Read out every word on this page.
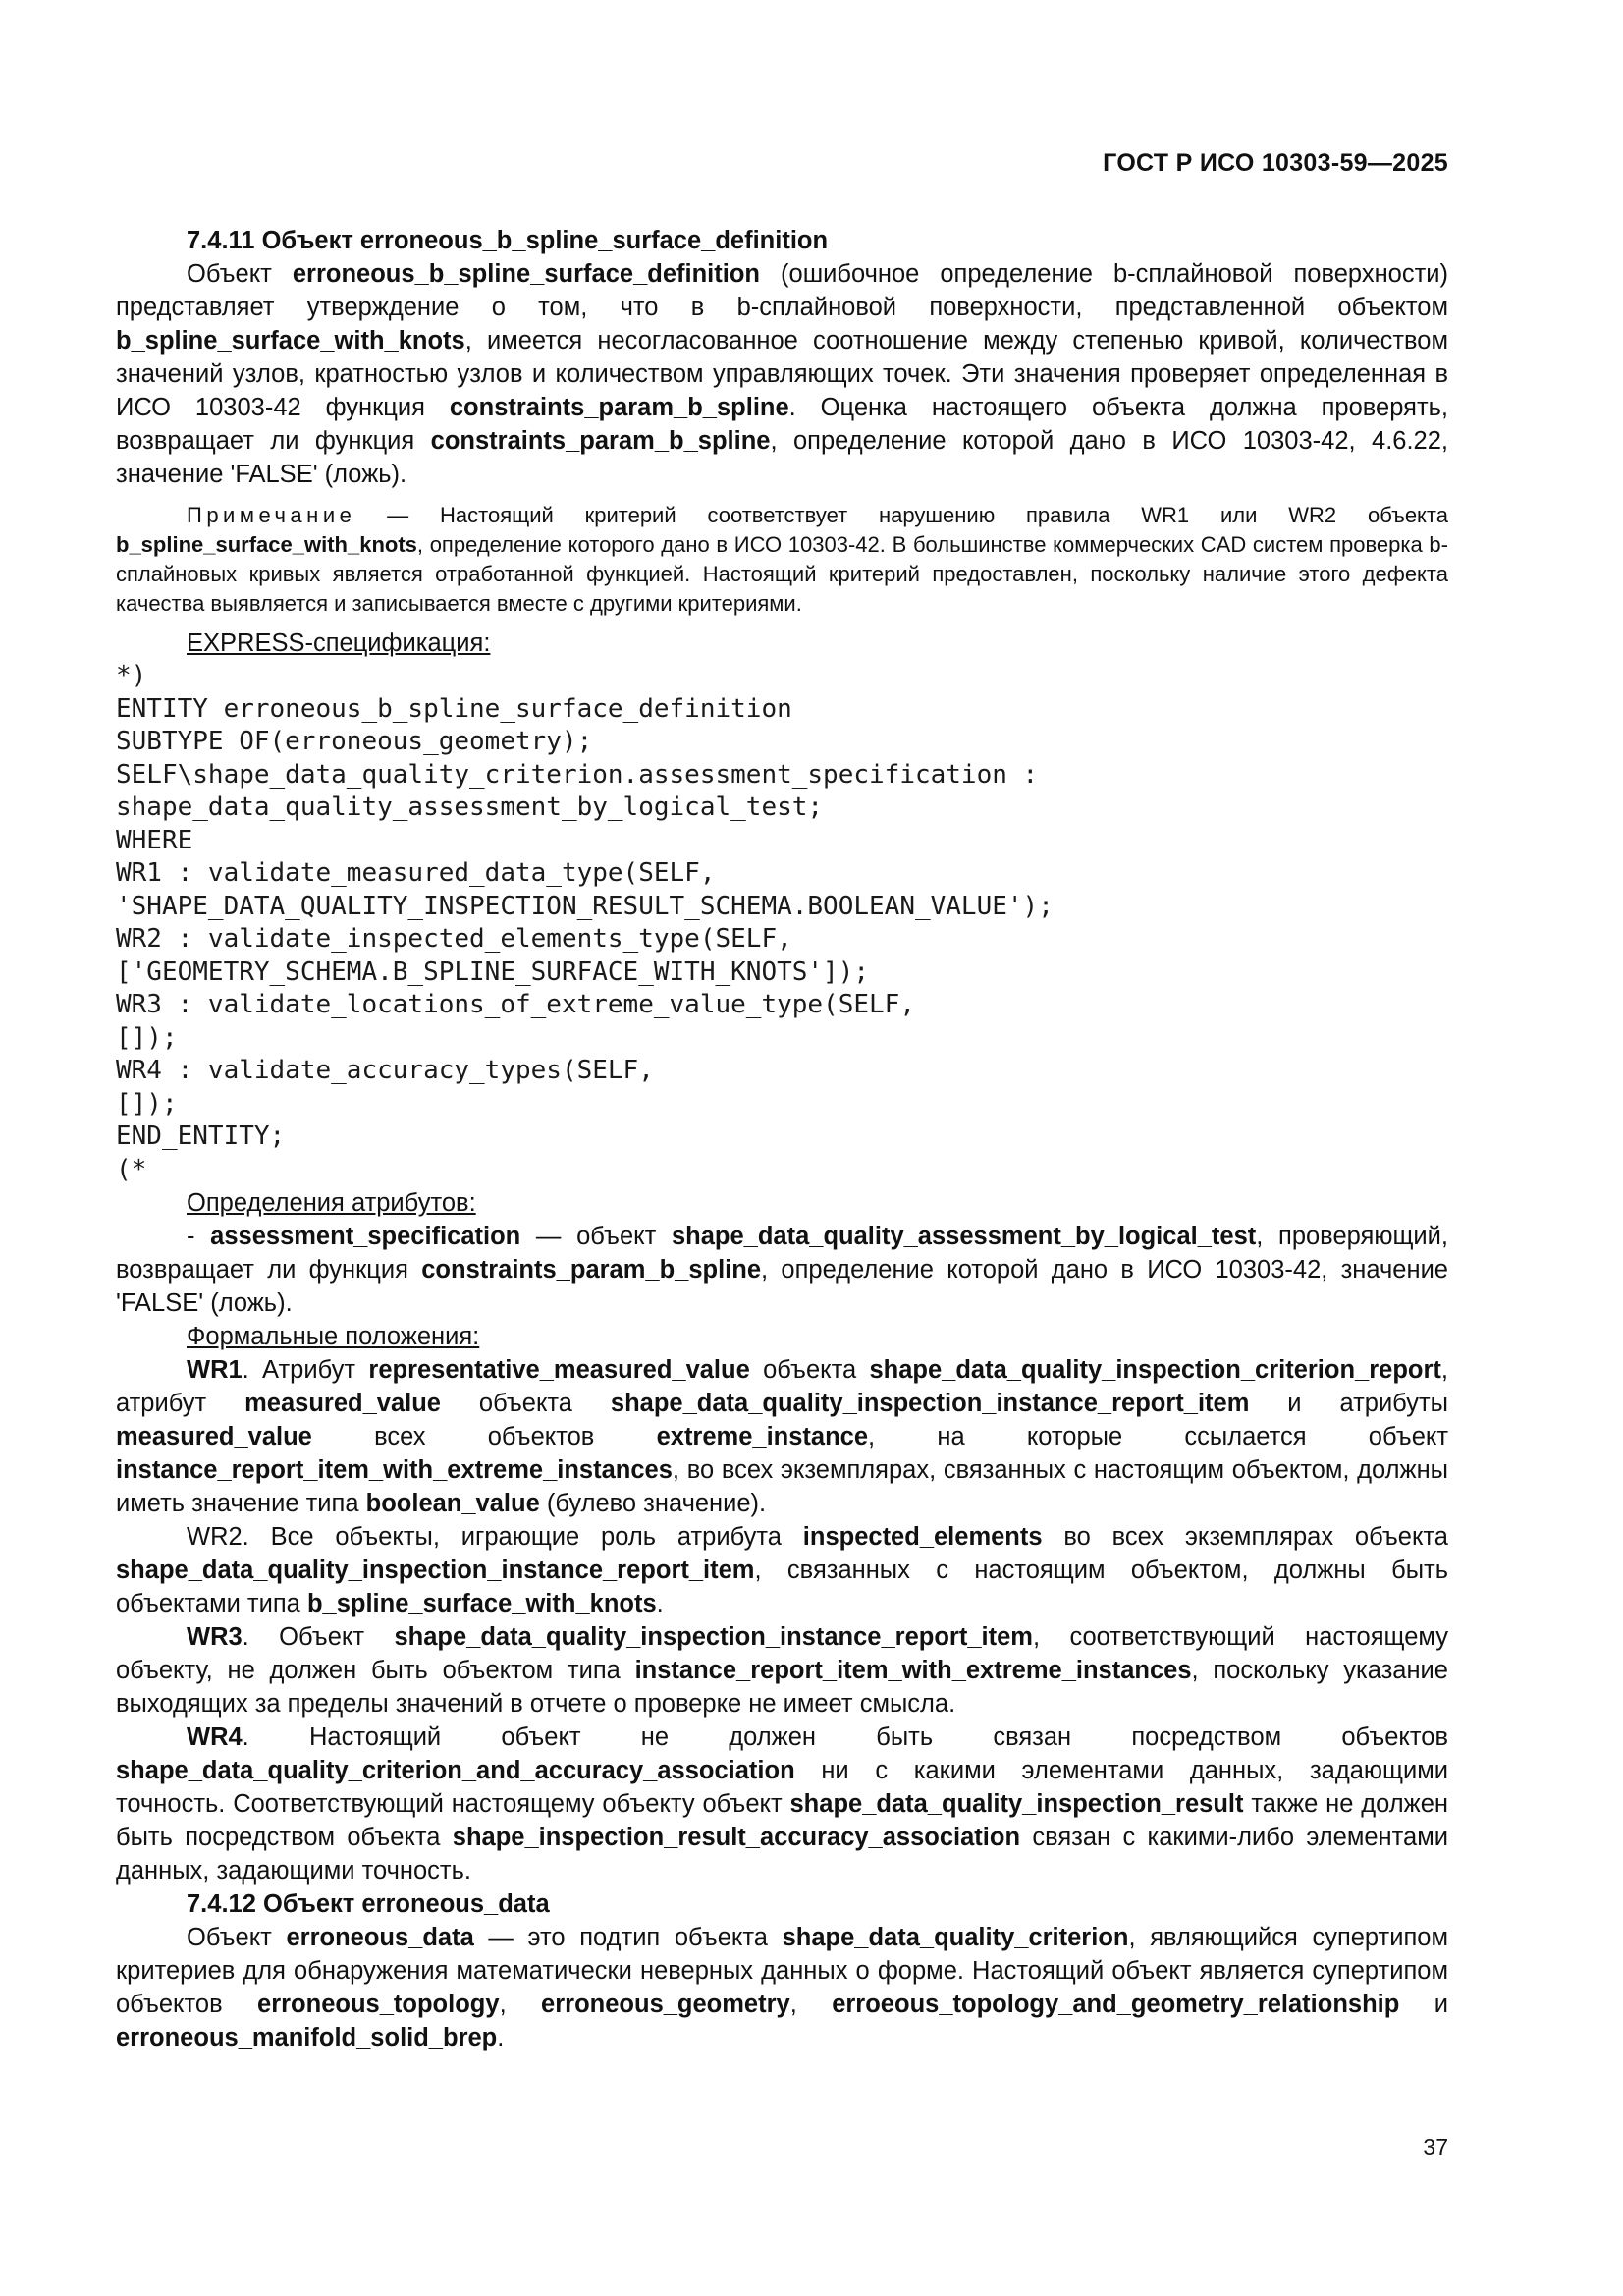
ГОСТ Р ИСО 10303-59—2025

7.4.11 Объект erroneous_b_spline_surface_definition

Объект erroneous_b_spline_surface_definition (ошибочное определение b-сплайновой поверхности) представляет утверждение о том, что в b-сплайновой поверхности, представленной объектом b_spline_surface_with_knots, имеется несогласованное соотношение между степенью кривой, количеством значений узлов, кратностью узлов и количеством управляющих точек. Эти значения проверяет определенная в ИСО 10303-42 функция constraints_param_b_spline. Оценка настоящего объекта должна проверять, возвращает ли функция constraints_param_b_spline, определение которой дано в ИСО 10303-42, 4.6.22, значение 'FALSE' (ложь).

Примечание — Настоящий критерий соответствует нарушению правила WR1 или WR2 объекта b_spline_surface_with_knots, определение которого дано в ИСО 10303-42. В большинстве коммерческих CAD систем проверка b-сплайновых кривых является отработанной функцией. Настоящий критерий предоставлен, поскольку наличие этого дефекта качества выявляется и записывается вместе с другими критериями.

EXPRESS-спецификация:

*)
ENTITY erroneous_b_spline_surface_definition
SUBTYPE OF(erroneous_geometry);
SELF\shape_data_quality_criterion.assessment_specification :
shape_data_quality_assessment_by_logical_test;
WHERE
WR1 : validate_measured_data_type(SELF,
'SHAPE_DATA_QUALITY_INSPECTION_RESULT_SCHEMA.BOOLEAN_VALUE');
WR2 : validate_inspected_elements_type(SELF,
['GEOMETRY_SCHEMA.B_SPLINE_SURFACE_WITH_KNOTS']);
WR3 : validate_locations_of_extreme_value_type(SELF,
[]);
WR4 : validate_accuracy_types(SELF,
[]);
END_ENTITY;
(*

Определения атрибутов:

- assessment_specification — объект shape_data_quality_assessment_by_logical_test, проверяющий, возвращает ли функция constraints_param_b_spline, определение которой дано в ИСО 10303-42, значение 'FALSE' (ложь).

Формальные положения:

WR1. Атрибут representative_measured_value объекта shape_data_quality_inspection_criterion_report, атрибут measured_value объекта shape_data_quality_inspection_instance_report_item и атрибуты measured_value всех объектов extreme_instance, на которые ссылается объект instance_report_item_with_extreme_instances, во всех экземплярах, связанных с настоящим объектом, должны иметь значение типа boolean_value (булево значение).

WR2. Все объекты, играющие роль атрибута inspected_elements во всех экземплярах объекта shape_data_quality_inspection_instance_report_item, связанных с настоящим объектом, должны быть объектами типа b_spline_surface_with_knots.

WR3. Объект shape_data_quality_inspection_instance_report_item, соответствующий настоящему объекту, не должен быть объектом типа instance_report_item_with_extreme_instances, поскольку указание выходящих за пределы значений в отчете о проверке не имеет смысла.

WR4. Настоящий объект не должен быть связан посредством объектов shape_data_quality_criterion_and_accuracy_association ни с какими элементами данных, задающими точность. Соответствующий настоящему объекту объект shape_data_quality_inspection_result также не должен быть посредством объекта shape_inspection_result_accuracy_association связан с какими-либо элементами данных, задающими точность.

7.4.12 Объект erroneous_data

Объект erroneous_data — это подтип объекта shape_data_quality_criterion, являющийся супертипом критериев для обнаружения математически неверных данных о форме. Настоящий объект является супертипом объектов erroneous_topology, erroneous_geometry, erroeous_topology_and_geometry_relationship и erroneous_manifold_solid_brep.

37
